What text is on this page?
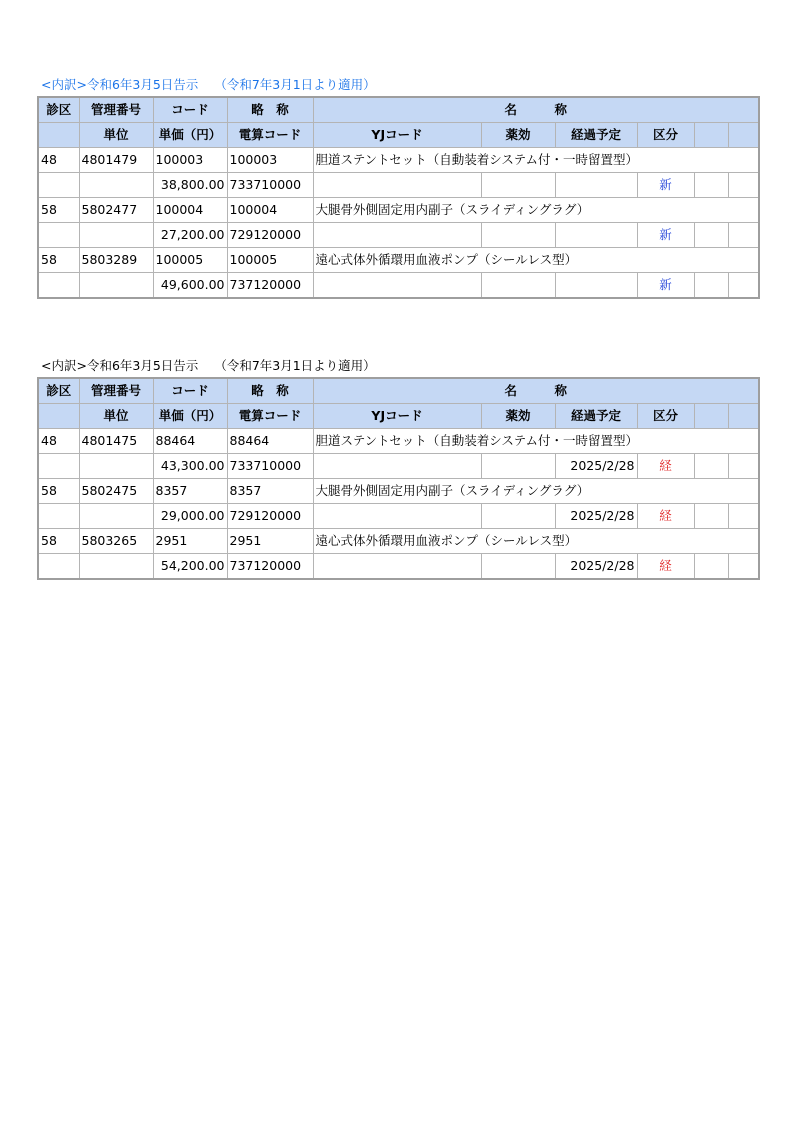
<内訳>令和6年3月5日告示 （令和7年3月1日より適用）
診区	管理番号	コード	略　称	名　　　称					
	単位	単価（円）	電算コード	YJコード	薬効	経過予定	区分		
48	4801479	100003	100003	胆道ステントセット（自動装着システム付・一時留置型）					
		38,800.00	733710000				新		
58	5802477	100004	100004	大腿骨外側固定用内副子（スライディングラグ）					
		27,200.00	729120000				新		
58	5803289	100005	100005	遠心式体外循環用血液ポンプ（シールレス型）					
		49,600.00	737120000				新		
<内訳>令和6年3月5日告示 （令和7年3月1日より適用）
診区	管理番号	コード	略　称	名　　　称					
	単位	単価（円）	電算コード	YJコード	薬効	経過予定	区分		
48	4801475	88464	88464	胆道ステントセット（自動装着システム付・一時留置型）					
		43,300.00	733710000			2025/2/28	経		
58	5802475	8357	8357	大腿骨外側固定用内副子（スライディングラグ）					
		29,000.00	729120000			2025/2/28	経		
58	5803265	2951	2951	遠心式体外循環用血液ポンプ（シールレス型）					
		54,200.00	737120000			2025/2/28	経		
